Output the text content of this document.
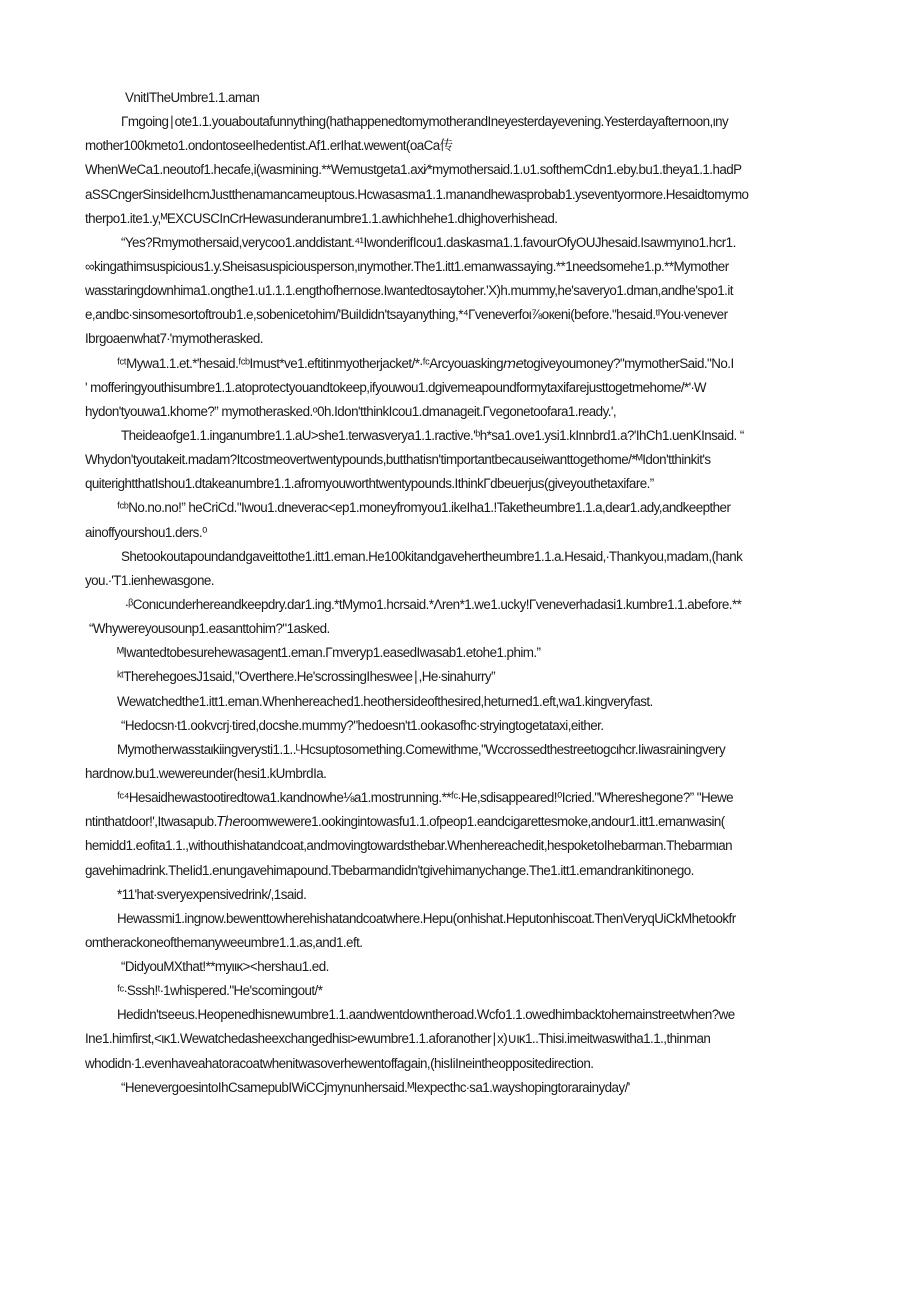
VnitITheUmbre1.1.aman
Γmgoing∣ote1.1.youaboutafunnything(hathappenedtomymotherandIneyesterdayevening.Yesterdayafternoon,ιny
mother100kmeto1.ondontoseeIhedentist.Af1.erIhat.wewent(oaCa传
WhenWeCa1.neoutof1.hecafe,i(wasmining.**Wemustgeta1.axi∕*mymothersaid.1.υ1.softhemCdn1.eby.bu1.theya1.1.hadP
aSSCngerSinsideIhcmJustthenamancameuptous.Hcwasasma1.1.manandhewasprobab1.yseventyormore.Hesaidtomymo
therpo1.ite1.y,ᴹEXCUSCInCrHewasunderanumbre1.1.awhichhehe1.dhighoverhishead.
“Yes?Rmymothersaid,verycoo1.anddistant.⁴¹IwonderifIcou1.daskasma1.1.favourOfyOUJhesaid.Isawmyιno1.hcr1.
∞kingathimsuspicious1.y.Sheisasuspiciousperson,ιnymother.The1.itt1.emanwassaying.**1needsomehe1.p.**Mymother
wasstaringdownhima1.ongthe1.u1.1.1.engthofhernose.Iwantedtosaytoher.'X)h.mummy,he'saveryo1.dman,andhe'spo1.it
e,andbc∙sinsomesortoftroub1.e,sobenicetohim/'BuiIdidn'tsayanything,*⁴Γveneverfoι⅞οкeni(before."hesaid.ᵗᴵYou∙venever
Ibrgoaenwhat7∙'mymotherasked.
ᶠᶜᵗMywa1.1.et.*'hesaid.ᶠᶜᵇImust*ve1.eftitinmyotherjacket/*∙ᶠᶜArcyouasking𝘮𝘦togiveyoumoney?"mymotherSaid."No.I
' mofferingyouthisumbre1.1.atoprotectyouandtokeep,ifyouwou1.dgivemeapoundformytaxifarejusttogetmehome/*'∙W
hydon'tyouwa1.khome?” mymotherasked.ᵒ0h.Idon'tthinkIcou1.dmanageit.Γvegonetoofara1.ready.',
Theideaofge1.1.inganumbre1.1.aU>she1.terwasverya1.1.ractive.'ᵇh*sa1.ove1.ysi1.kInnbrd1.a?'IhCh1.uenKInsaid. “
Whydon'tyoutakeit.madam?Itcostmeovertwentypounds,butthatisn'timportantbecauseiwanttogethome/*ᴹIdon'tthinkit's
quiterightthatIshou1.dtakeanumbre1.1.afromyouworthtwentypounds.IthinkΓdbeuerjus(giveyouthetaxifare.”
ᶠᶜᵇNo.no.no!” heCriCd."Iwou1.dneverac<ep1.moneyfromyou1.ikeIha1.!Taketheumbre1.1.a,dear1.ady,andkeepther
ainoffyourshou1.ders.⁰
Shetookoutapoundandgaveittothe1.itt1.eman.He100kitandgavehertheumbre1.1.a.Hesaid,∙Thankyou,madam,(hank
you.∙'T1.ienhewasgone.
∙ᵝConιcunderhereandkeepdry.dar1.ing.*tMymo1.hcrsaid.*Λren*1.we1.ucky!Γveneverhadasi1.kumbre1.1.abefore.**
“Whywereyousounp1.easanttohim?"1asked.
ᴹIwantedtobesurehewasagent1.eman.Γmveryp1.easedIwasab1.etohe1.phim.”
ᵏᵗTherehegoesJ1said,"Overthere.He'scrossingIheswee∣,He∙sinahurry”
Wewatchedthe1.itt1.eman.Whenhereached1.heothersideofthesired,heturned1.eft,wa1.kingveryfast.
“Hedocsn∙t1.ookvcrj∙tired,docshe.mummy?"hedoesn't1.ookasofhc∙stryingtogetataxi,either.
Mymotherwasstaιkiingverysti1.1..ᴸHcsuptosomething.Comewithme,"Wccrossedthestreetιogcιhcr.Iiwasrainingvery
hardnow.bu1.wewereunder(hesi1.kUmbrdIa.
ᶠᶜ⁴Hesaidhewastootiredtowa1.kandnowhe⅛a1.mostrunning.**ᶠᶜ∙He,sdisappeared!⁰Icried."Whereshegone?” "Hewe
ntinthatdoor!',Itwasapub.𝘛𝘩𝘦roomwewere1.ookingintowasfu1.1.ofpeop1.eandcigarettesmoke,andour1.itt1.emanwasin(
hemidd1.eofita1.1.,withouthishatandcoat,andmovingtowardsthebar.Whenhereachedit,hespoketoIhebarman.Thebarmιan
gavehimadrink.TheIid1.enungavehimapound.Tbebarmandidn'tgivehimanychange.The1.itt1.emandrankitinonego.
*11'hat∙sveryexpensivedrink/,1said.
Hewassmi1.ingnow.bewenttowherehishatandcoatwhere.Hepu(onhishat.Heputonhiscoat.ThenVeryqUiCkMhetookfr
omtherackoneofthemanyweeumbre1.1.as,and1.eft.
“DidyouMXthat!**myιικ><hershau1.ed.
ᶠᶜ∙Sssh!ᵗ∙1whispered."He'scomingout/*
Hedidn'tseeus.Heopenedhisnewumbre1.1.aandwentdowntheroad.Wcfo1.1.owedhimbacktohemainstreetwhen?we
Ine1.himfirst,<ικ1.Wewatchedasheexchangedhisι>ewumbre1.1.aforanother∣x)∪ικ1..Thisi.imeitwaswitha1.1.,thinman
whodidn∙1.evenhaveahatoracoatwhenitwasoverhewentoffagain,(hisIiIneintheoppositedirection.
“HenevergoesintoIhCsamepubIWiCCjmynunhersaid.ᴹIexpecthc∙sa1.wayshopingtorarainyday/'
